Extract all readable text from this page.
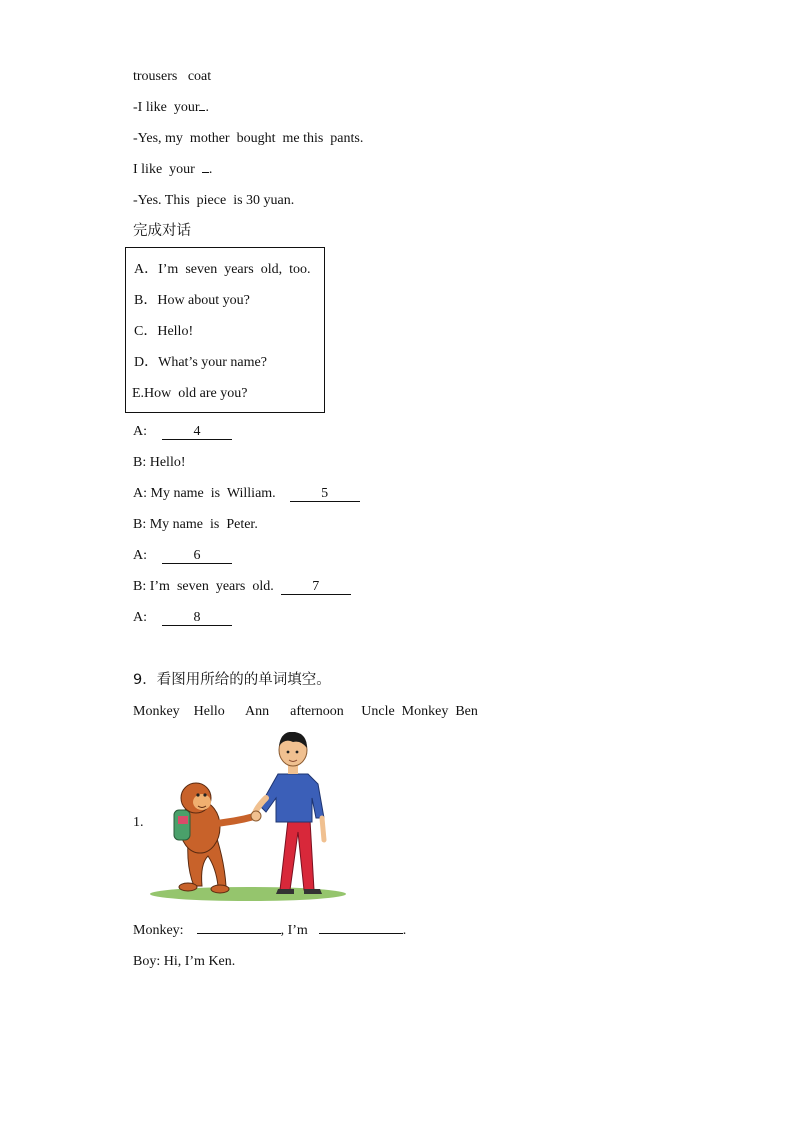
trousers   coat
-I like  your .
-Yes, my  mother  bought  me this  pants.
I like  your  .
-Yes. This  piece  is 30 yuan.
完成对话
A．I’m  seven  years  old,  too.
B．How about you?
C．Hello!
D．What’s your name?
E.How  old are you?
A:	4
B: Hello!
A: My name  is  William.    5
B: My name  is  Peter.
A:	6
B: I’m  seven  years  old.  7
A:	8
9．看图用所给的的单词填空。
Monkey    Hello      Ann      afternoon     Uncle  Monkey  Ben
1.
Monkey:	, I’m	.
Boy: Hi, I’m Ken.
